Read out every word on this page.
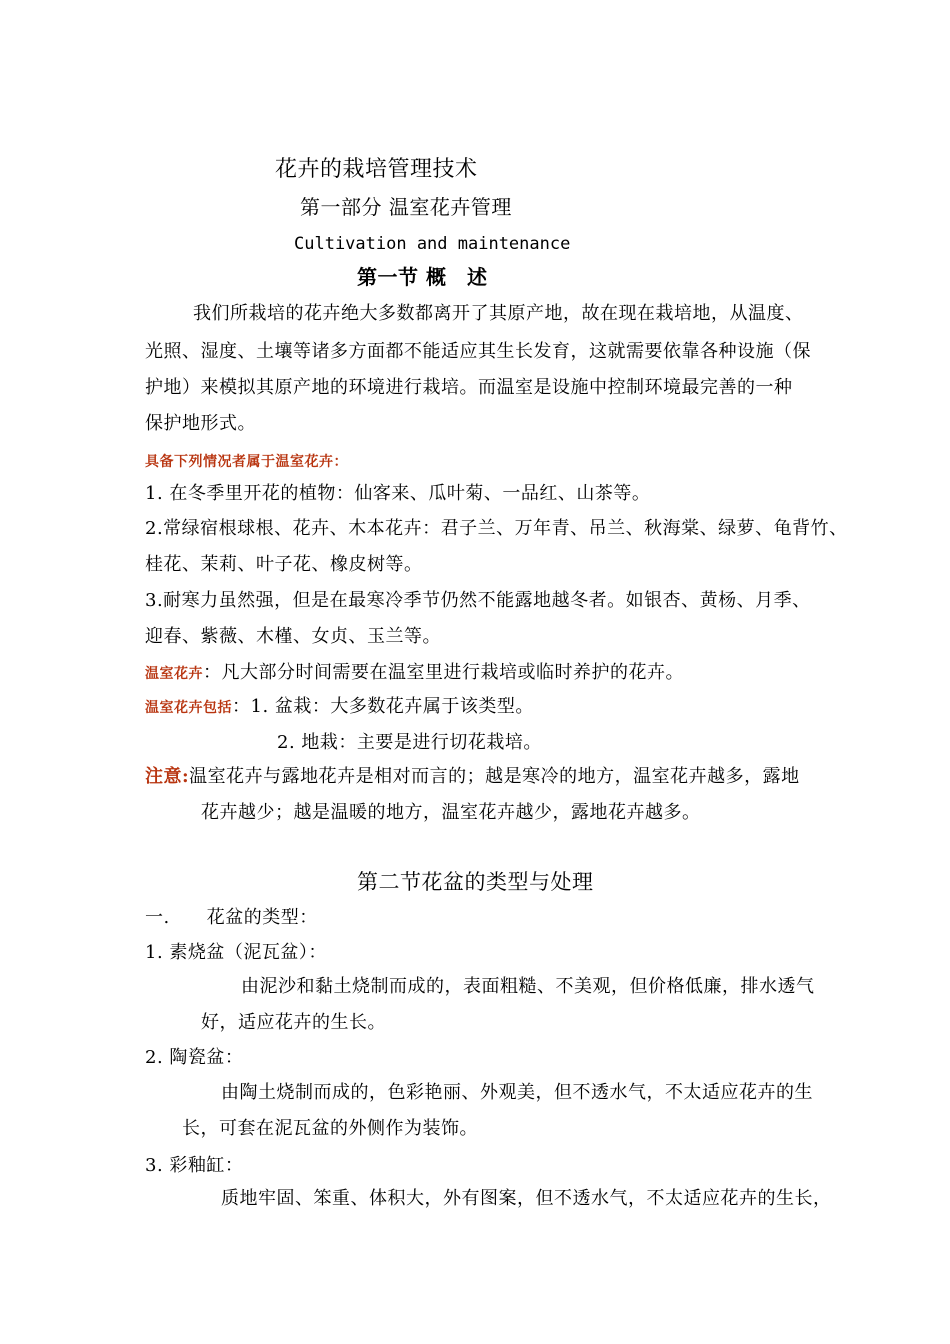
花卉的栽培管理技术
第一部分 温室花卉管理
Cultivation and maintenance
第一节 概　述
我们所栽培的花卉绝大多数都离开了其原产地，故在现在栽培地，从温度、
光照、湿度、土壤等诸多方面都不能适应其生长发育，这就需要依靠各种设施（保
护地）来模拟其原产地的环境进行栽培。而温室是设施中控制环境最完善的一种
保护地形式。
具备下列情况者属于温室花卉：
1. 在冬季里开花的植物：仙客来、瓜叶菊、一品红、山茶等。
2.常绿宿根球根、花卉、木本花卉：君子兰、万年青、吊兰、秋海棠、绿萝、龟背竹、
桂花、茉莉、叶子花、橡皮树等。
3.耐寒力虽然强，但是在最寒冷季节仍然不能露地越冬者。如银杏、黄杨、月季、
迎春、紫薇、木槿、女贞、玉兰等。
温室花卉：凡大部分时间需要在温室里进行栽培或临时养护的花卉。
温室花卉包括：1. 盆栽：大多数花卉属于该类型。
2. 地栽：主要是进行切花栽培。
注意:温室花卉与露地花卉是相对而言的；越是寒冷的地方，温室花卉越多，露地
花卉越少；越是温暖的地方，温室花卉越少，露地花卉越多。
第二节花盆的类型与处理
一.　　花盆的类型：
1. 素烧盆（泥瓦盆）：
由泥沙和黏土烧制而成的，表面粗糙、不美观，但价格低廉，排水透气
好，适应花卉的生长。
2. 陶瓷盆：
由陶土烧制而成的，色彩艳丽、外观美，但不透水气，不太适应花卉的生
长，可套在泥瓦盆的外侧作为装饰。
3. 彩釉缸：
质地牢固、笨重、体积大，外有图案，但不透水气，不太适应花卉的生长，
